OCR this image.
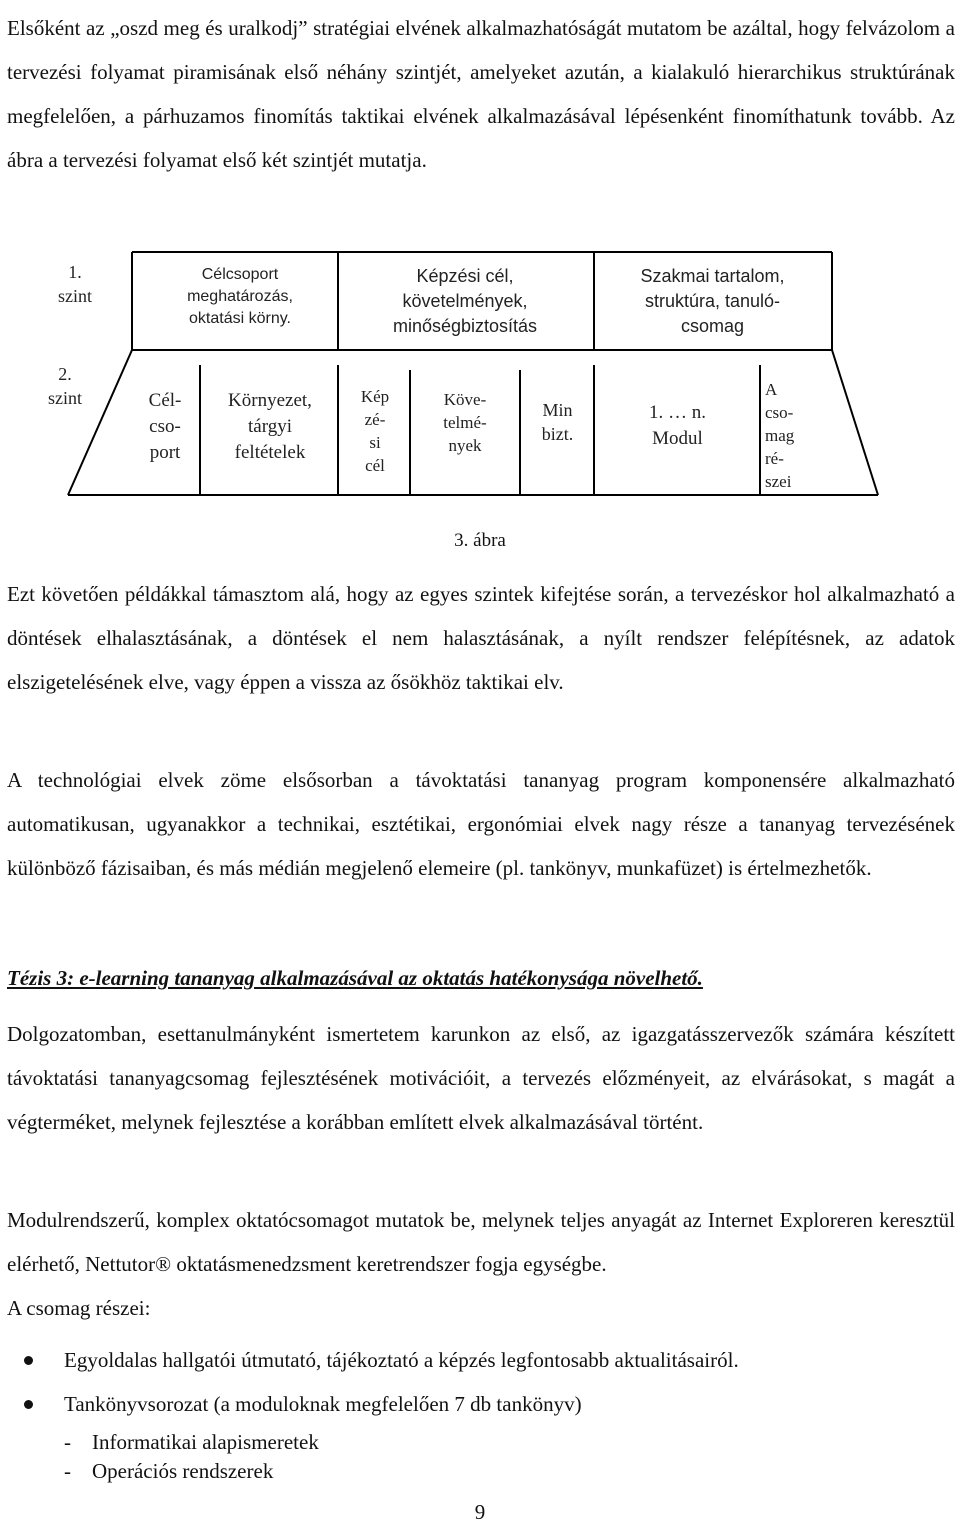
Elsőként az „oszd meg és uralkodj” stratégiai elvének alkalmazhatóságát mutatom be azáltal, hogy felvázolom a tervezési folyamat piramisának első néhány szintjét, amelyeket azután, a kialakuló hierarchikus struktúrának megfelelően, a párhuzamos finomítás taktikai elvének alkalmazásával lépésenként finomíthatunk tovább. Az ábra a tervezési folyamat első két szintjét mutatja.

1.
szint
2.
szint
Célcsoport
meghatározás,
oktatási körny.
Képzési cél,
követelmények,
minőségbiztosítás
Szakmai tartalom,
struktúra, tanuló-
csomag
Cél-
cso-
port
Környezet,
tárgyi
feltételek
Kép
zé-
si
cél
Köve-
telmé-
nyek
Min
bizt.
1. … n.
Modul
A
cso-
mag
ré-
szei
3. ábra

Ezt követően példákkal támasztom alá, hogy az egyes szintek kifejtése során, a tervezéskor hol alkalmazható a döntések elhalasztásának, a döntések el nem halasztásának, a nyílt rendszer felépítésnek, az adatok elszigetelésének elve, vagy éppen a vissza az ősökhöz taktikai elv.

A technológiai elvek zöme elsősorban a távoktatási tananyag program komponensére alkalmazható automatikusan, ugyanakkor a technikai, esztétikai, ergonómiai elvek nagy része a tananyag tervezésének különböző fázisaiban, és más médián megjelenő elemeire (pl. tankönyv, munkafüzet) is értelmezhetők.

Tézis 3: e-learning tananyag alkalmazásával az oktatás hatékonysága növelhető.

Dolgozatomban, esettanulmányként ismertetem karunkon az első, az igazgatásszervezők számára készített távoktatási tananyagcsomag fejlesztésének motivációit, a tervezés előzményeit, az elvárásokat, s magát a végterméket, melynek fejlesztése a korábban említett elvek alkalmazásával történt.

Modulrendszerű, komplex oktatócsomagot mutatok be, melynek teljes anyagát az Internet Exploreren keresztül elérhető, Nettutor® oktatásmenedzsment keretrendszer fogja egységbe.

A csomag részei:

Egyoldalas hallgatói útmutató, tájékoztató a képzés legfontosabb aktualitásairól.
Tankönyvsorozat (a moduloknak megfelelően 7 db tankönyv)
- Informatikai alapismeretek
- Operációs rendszerek
9
